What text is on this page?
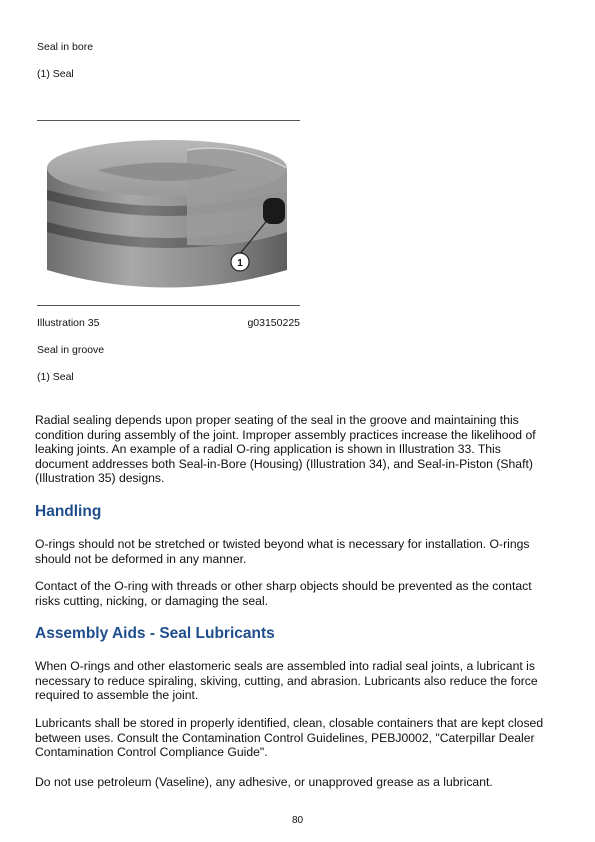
Seal in bore
(1) Seal
1
Illustration 35	g03150225
Seal in groove
(1) Seal

Radial sealing depends upon proper seating of the seal in the groove and maintaining this condition during assembly of the joint. Improper assembly practices increase the likelihood of leaking joints. An example of a radial O-ring application is shown in Illustration 33. This document addresses both Seal-in-Bore (Housing) (Illustration 34), and Seal-in-Piston (Shaft) (Illustration 35) designs.

Handling

O-rings should not be stretched or twisted beyond what is necessary for installation. O-rings should not be deformed in any manner.

Contact of the O-ring with threads or other sharp objects should be prevented as the contact risks cutting, nicking, or damaging the seal.

Assembly Aids - Seal Lubricants

When O-rings and other elastomeric seals are assembled into radial seal joints, a lubricant is necessary to reduce spiraling, skiving, cutting, and abrasion. Lubricants also reduce the force required to assemble the joint.

Lubricants shall be stored in properly identified, clean, closable containers that are kept closed between uses. Consult the Contamination Control Guidelines, PEBJ0002, "Caterpillar Dealer Contamination Control Compliance Guide".

Do not use petroleum (Vaseline), any adhesive, or unapproved grease as a lubricant.

80
